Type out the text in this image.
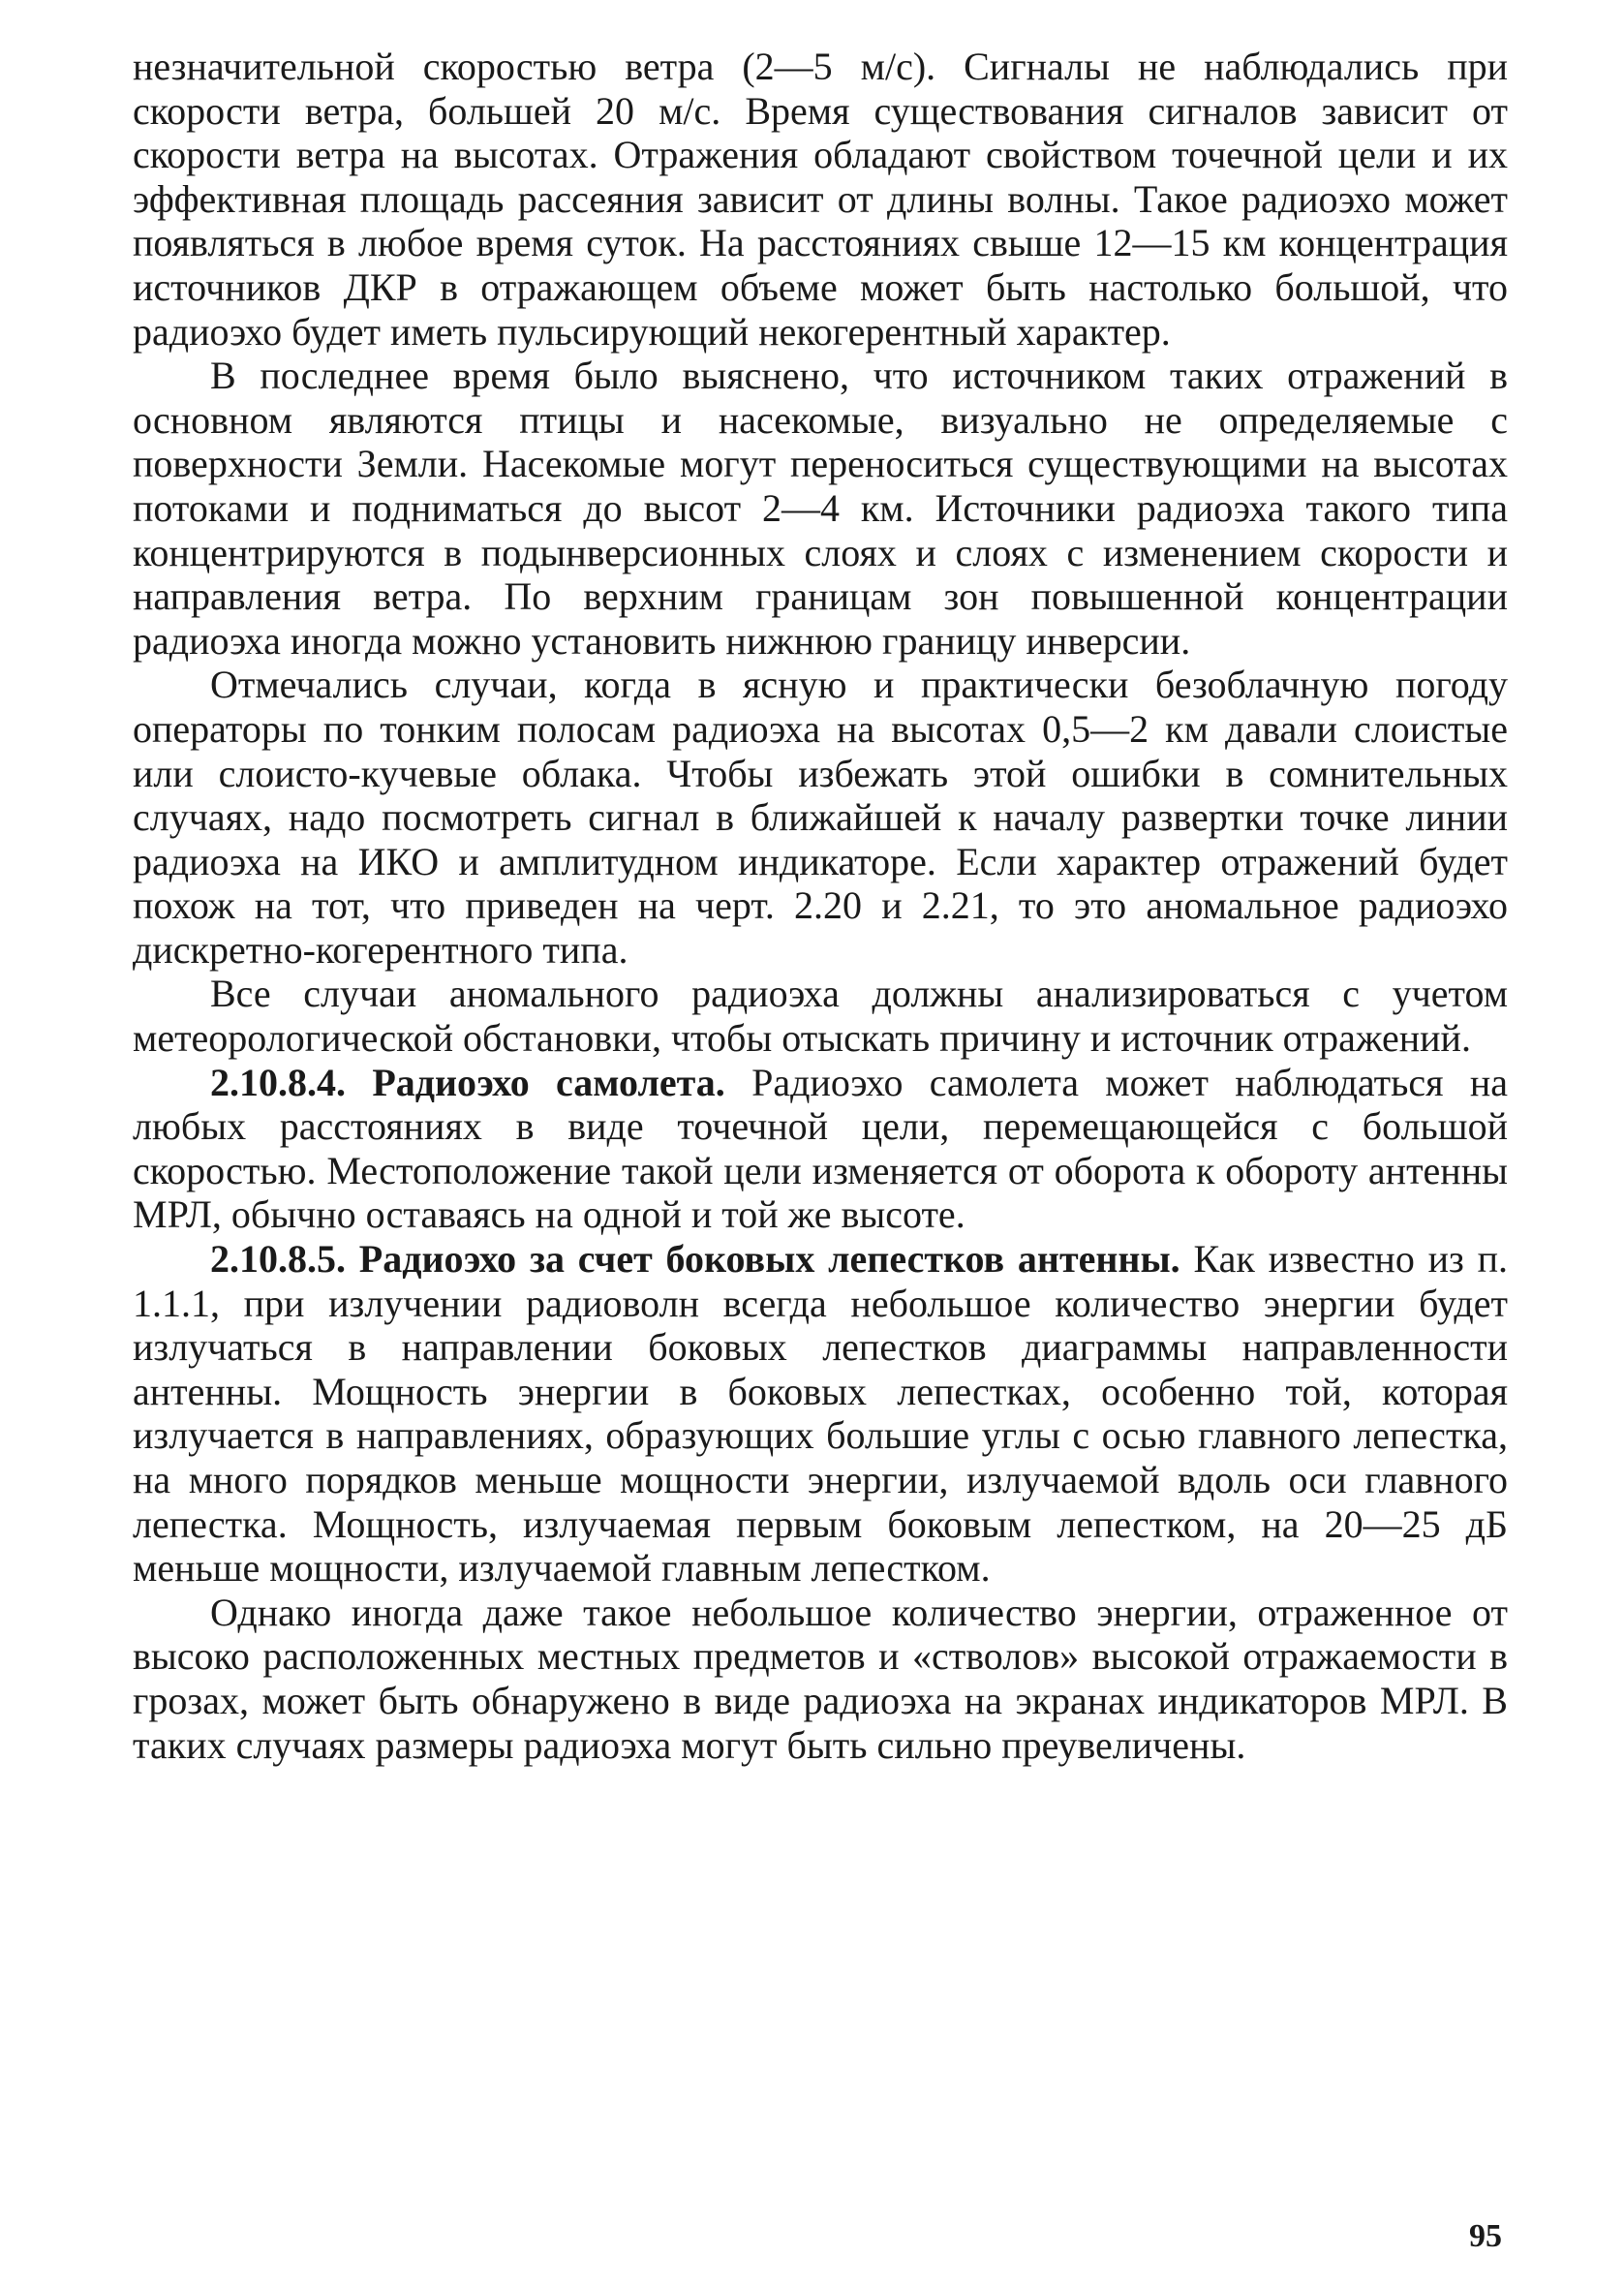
незначительной скоростью ветра (2—5 м/с). Сигналы не наблюдались при скорости ветра, большей 20 м/с. Время существования сигналов зависит от скорости ветра на высотах. Отражения обладают свойством точечной цели и их эффективная площадь рассеяния зависит от длины волны. Такое радиоэхо может появляться в любое время суток. На расстояниях свыше 12—15 км концентрация источников ДКР в отражающем объеме может быть настолько большой, что радиоэхо будет иметь пульсирующий некогерентный характер.

В последнее время было выяснено, что источником таких отражений в основном являются птицы и насекомые, визуально не определяемые с поверхности Земли. Насекомые могут переноситься существующими на высотах потоками и подниматься до высот 2—4 км. Источники радиоэха такого типа концентрируются в подынверсионных слоях и слоях с изменением скорости и направления ветра. По верхним границам зон повышенной концентрации радиоэха иногда можно установить нижнюю границу инверсии.

Отмечались случаи, когда в ясную и практически безоблачную погоду операторы по тонким полосам радиоэха на высотах 0,5—2 км давали слоистые или слоисто-кучевые облака. Чтобы избежать этой ошибки в сомнительных случаях, надо посмотреть сигнал в ближайшей к началу развертки точке линии радиоэха на ИКО и амплитудном индикаторе. Если характер отражений будет похож на тот, что приведен на черт. 2.20 и 2.21, то это аномальное радиоэхо дискретно-когерентного типа.

Все случаи аномального радиоэха должны анализироваться с учетом метеорологической обстановки, чтобы отыскать причину и источник отражений.

2.10.8.4. Радиоэхо самолета. Радиоэхо самолета может наблюдаться на любых расстояниях в виде точечной цели, перемещающейся с большой скоростью. Местоположение такой цели изменяется от оборота к обороту антенны МРЛ, обычно оставаясь на одной и той же высоте.

2.10.8.5. Радиоэхо за счет боковых лепестков антенны. Как известно из п. 1.1.1, при излучении радиоволн всегда небольшое количество энергии будет излучаться в направлении боковых лепестков диаграммы направленности антенны. Мощность энергии в боковых лепестках, особенно той, которая излучается в направлениях, образующих большие углы с осью главного лепестка, на много порядков меньше мощности энергии, излучаемой вдоль оси главного лепестка. Мощность, излучаемая первым боковым лепестком, на 20—25 дБ меньше мощности, излучаемой главным лепестком.

Однако иногда даже такое небольшое количество энергии, отраженное от высоко расположенных местных предметов и «стволов» высокой отражаемости в грозах, может быть обнаружено в виде радиоэха на экранах индикаторов МРЛ. В таких случаях размеры радиоэха могут быть сильно преувеличены.

95
